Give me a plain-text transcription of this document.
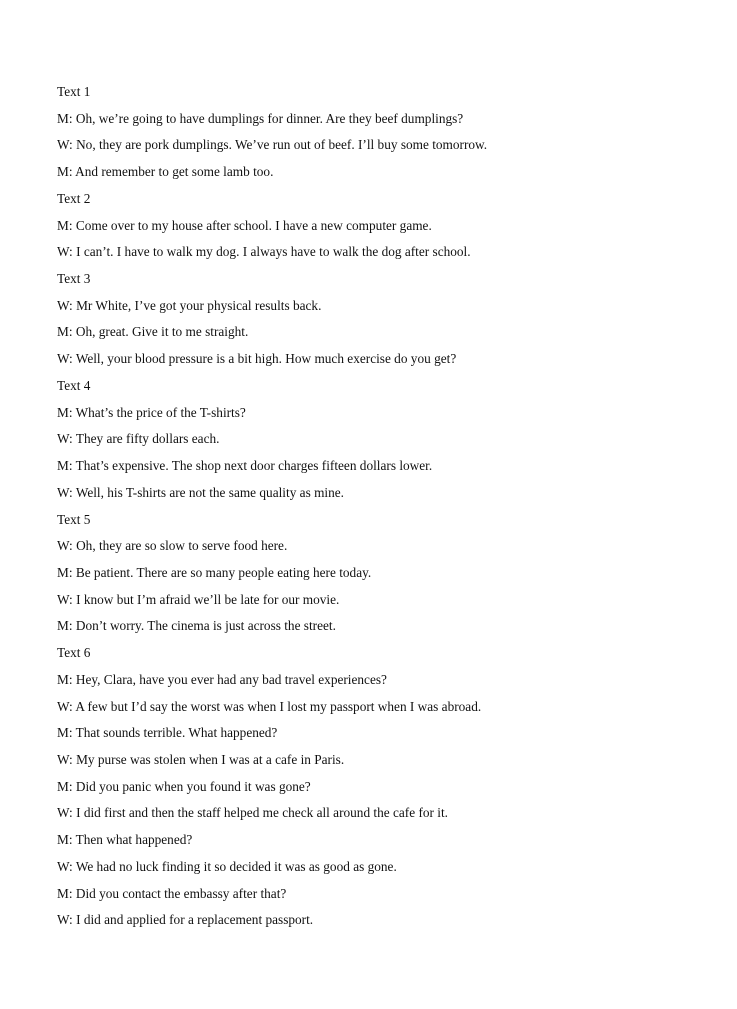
Text 1
M: Oh, we’re going to have dumplings for dinner. Are they beef dumplings?
W: No, they are pork dumplings. We’ve run out of beef. I’ll buy some tomorrow.
M: And remember to get some lamb too.
Text 2
M: Come over to my house after school. I have a new computer game.
W: I can’t. I have to walk my dog. I always have to walk the dog after school.
Text 3
W: Mr White, I’ve got your physical results back.
M: Oh, great. Give it to me straight.
W: Well, your blood pressure is a bit high. How much exercise do you get?
Text 4
M: What’s the price of the T-shirts?
W: They are fifty dollars each.
M: That’s expensive. The shop next door charges fifteen dollars lower.
W: Well, his T-shirts are not the same quality as mine.
Text 5
W: Oh, they are so slow to serve food here.
M: Be patient. There are so many people eating here today.
W: I know but I’m afraid we’ll be late for our movie.
M: Don’t worry. The cinema is just across the street.
Text 6
M: Hey, Clara, have you ever had any bad travel experiences?
W: A few but I’d say the worst was when I lost my passport when I was abroad.
M: That sounds terrible. What happened?
W: My purse was stolen when I was at a cafe in Paris.
M: Did you panic when you found it was gone?
W: I did first and then the staff helped me check all around the cafe for it.
M: Then what happened?
W: We had no luck finding it so decided it was as good as gone.
M: Did you contact the embassy after that?
W: I did and applied for a replacement passport.
